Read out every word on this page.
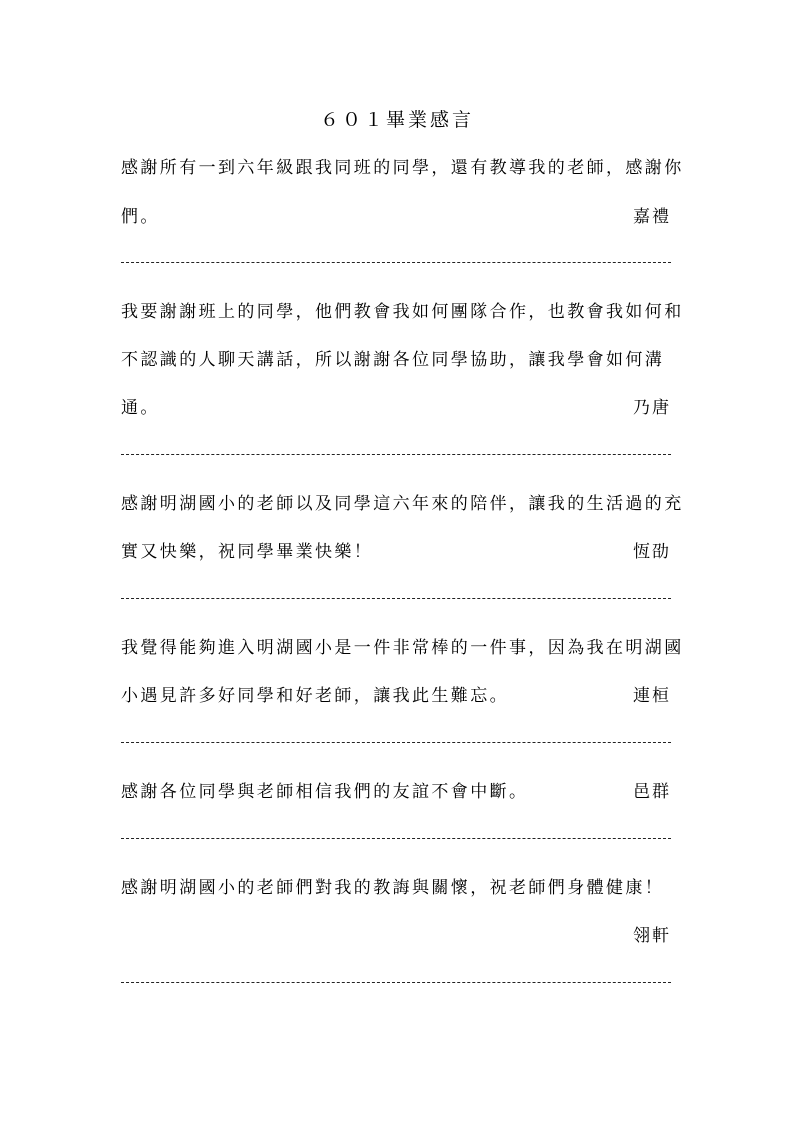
６０１畢業感言
感謝所有一到六年級跟我同班的同學，還有教導我的老師，感謝你
們。	嘉禮
我要謝謝班上的同學，他們教會我如何團隊合作，也教會我如何和
不認識的人聊天講話，所以謝謝各位同學協助，讓我學會如何溝
通。	乃唐
感謝明湖國小的老師以及同學這六年來的陪伴，讓我的生活過的充
實又快樂，祝同學畢業快樂！	恆劭
我覺得能夠進入明湖國小是一件非常棒的一件事，因為我在明湖國
小遇見許多好同學和好老師，讓我此生難忘。	連桓
感謝各位同學與老師相信我們的友誼不會中斷。	邑群
感謝明湖國小的老師們對我的教誨與關懷，祝老師們身體健康！
翎軒
